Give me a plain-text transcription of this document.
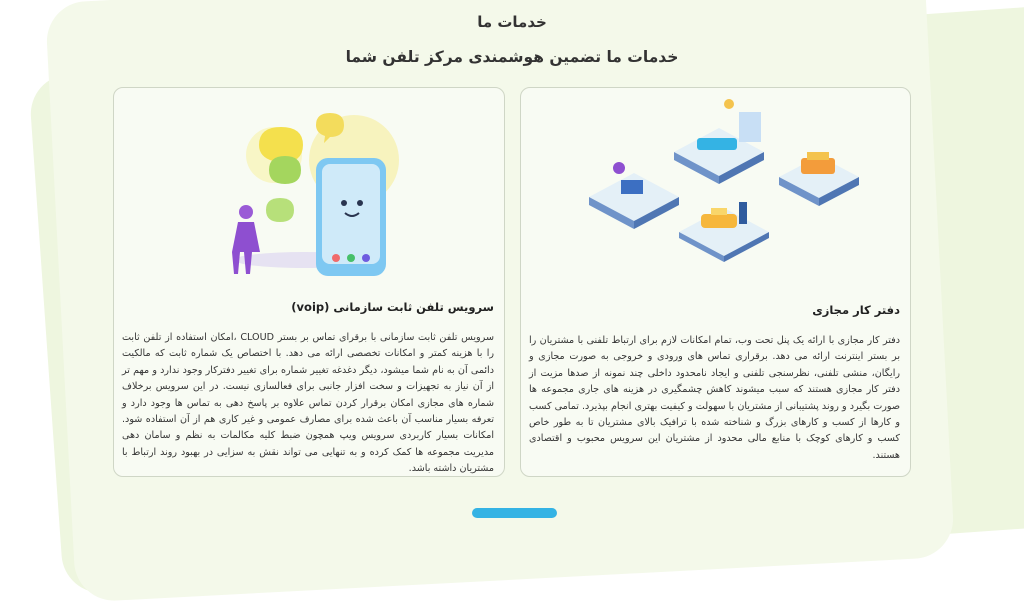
خدمات ما
خدمات ما تضمین هوشمندی مرکز تلفن شما
سرویس تلفن ثابت سازمانی (voip)
سرویس تلفن ثابت سازمانی با برقرای تماس بر بستر CLOUD ،امکان استفاده از تلفن ثابت را با هزینه کمتر و امکانات تخصصی ارائه می دهد. با اختصاص یک شماره ثابت که مالکیت دائمی آن به نام شما میشود، دیگر دغدغه تغییر شماره برای تغییر دفترکار وجود ندارد و مهم تر از آن نیاز به تجهیزات و سخت افزار جانبی برای فعالسازی نیست. در این سرویس برخلاف شماره های مجازی امکان برقرار کردن تماس علاوه بر پاسخ دهی به تماس ها وجود دارد و تعرفه بسیار مناسب آن باعث شده برای مصارف عمومی و غیر کاری هم از آن استفاده شود. امکانات بسیار کاربردی سرویس ویپ همچون ضبط کلیه مکالمات به نظم و سامان دهی مدیریت مجموعه ها کمک کرده و به تنهایی می تواند نقش به سزایی در بهبود روند ارتباط با مشتریان داشته باشد.
دفتر کار مجازی
دفتر کار مجازی با ارائه یک پنل تحت وب، تمام امکانات لازم برای ارتباط تلفنی با مشتریان را بر بستر اینترنت ارائه می دهد. برقراری تماس های ورودی و خروجی به صورت مجازی و رایگان، منشی تلفنی، نظرسنجی تلفنی و ایجاد نامحدود داخلی چند نمونه از صدها مزیت از دفتر کار مجازی هستند که سبب میشوند کاهش چشمگیری در هزینه های جاری مجموعه ها صورت بگیرد و روند پشتیبانی از مشتریان با سهولت و کیفیت بهتری انجام بپذیرد. تمامی کسب و کارها از کسب و کارهای بزرگ و شناخته شده با ترافیک بالای مشتریان تا به طور خاص کسب و کارهای کوچک با منابع مالی محدود از مشتریان این سرویس محبوب و اقتصادی هستند.
